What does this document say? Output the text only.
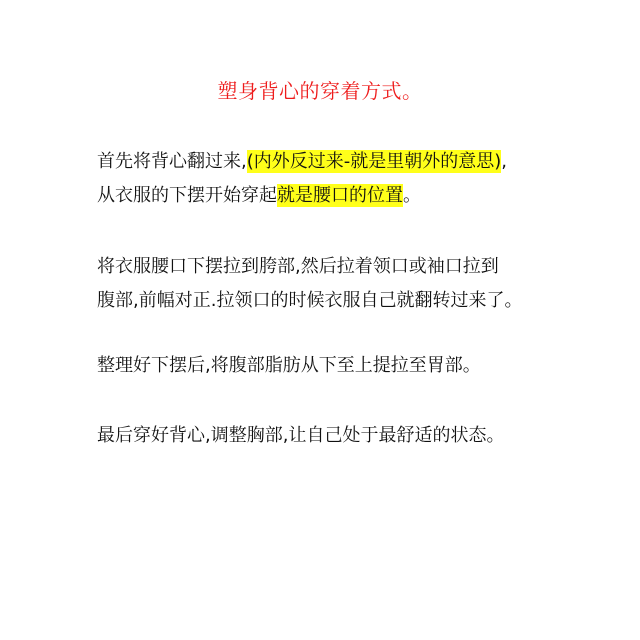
塑身背心的穿着方式。
首先将背心翻过来,(内外反过来-就是里朝外的意思),
从衣服的下摆开始穿起就是腰口的位置。
将衣服腰口下摆拉到胯部,然后拉着领口或袖口拉到
腹部,前幅对正.拉领口的时候衣服自己就翻转过来了。
整理好下摆后,将腹部脂肪从下至上提拉至胃部。
最后穿好背心,调整胸部,让自己处于最舒适的状态。
